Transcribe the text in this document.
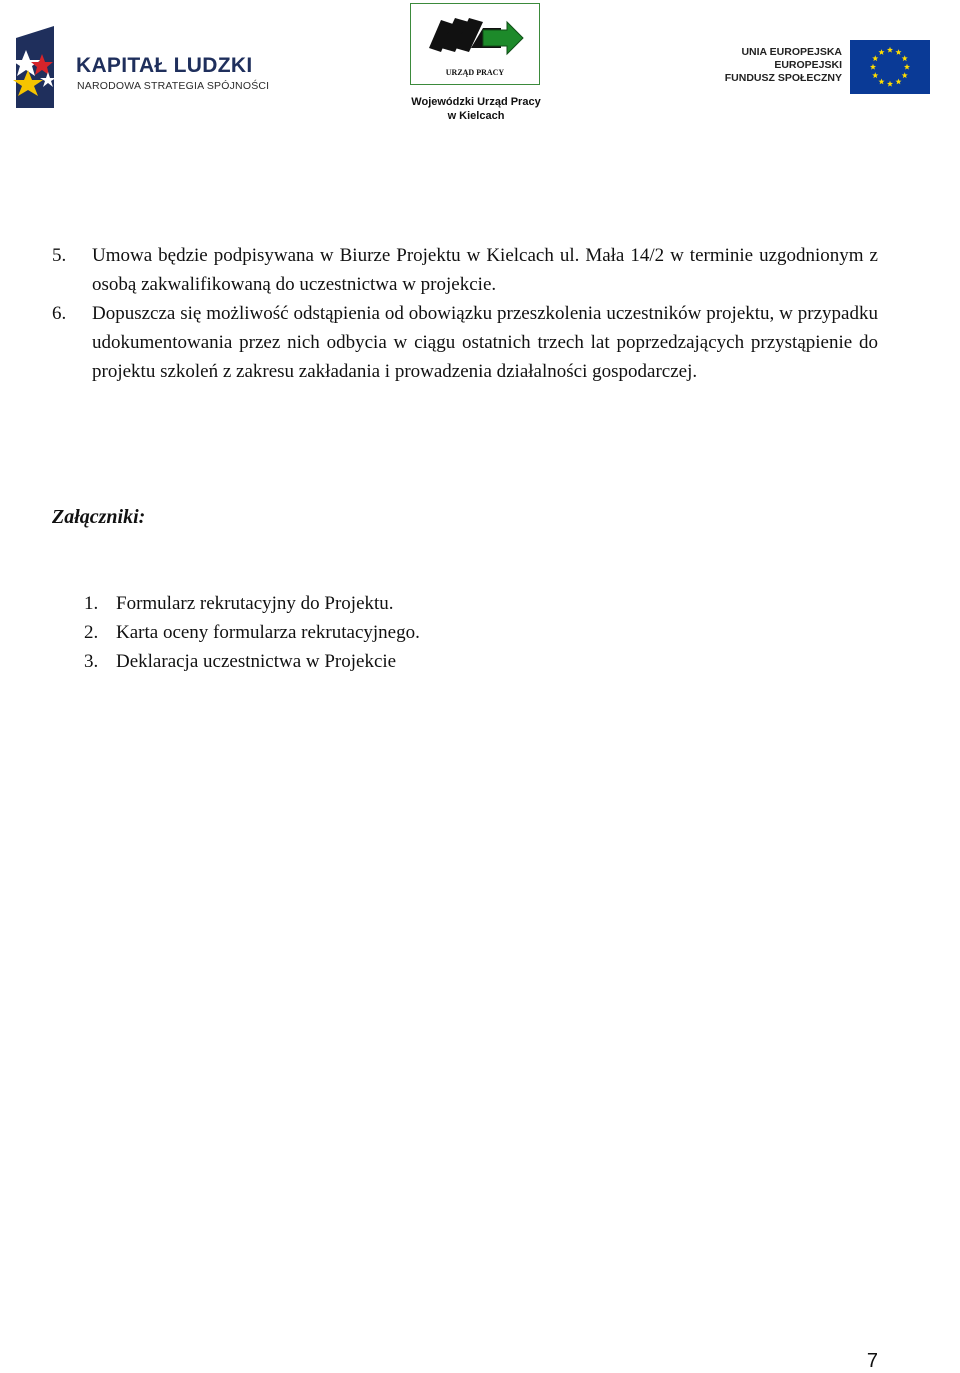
KAPITAŁ LUDZKI
NARODOWA STRATEGIA SPÓJNOŚCI
URZĄD PRACY
Wojewódzki Urząd Pracy
w Kielcach
UNIA EUROPEJSKA
EUROPEJSKI
FUNDUSZ SPOŁECZNY
5. Umowa będzie podpisywana w Biurze Projektu w Kielcach ul. Mała 14/2 w terminie uzgodnionym z osobą zakwalifikowaną do uczestnictwa w projekcie.
6. Dopuszcza się możliwość odstąpienia od obowiązku przeszkolenia uczestników projektu, w przypadku udokumentowania przez nich odbycia w ciągu ostatnich trzech lat poprzedzających przystąpienie do projektu szkoleń z zakresu zakładania i prowadzenia działalności gospodarczej.
Załączniki:
1. Formularz rekrutacyjny do Projektu.
2. Karta oceny formularza rekrutacyjnego.
3. Deklaracja uczestnictwa w Projekcie
7
